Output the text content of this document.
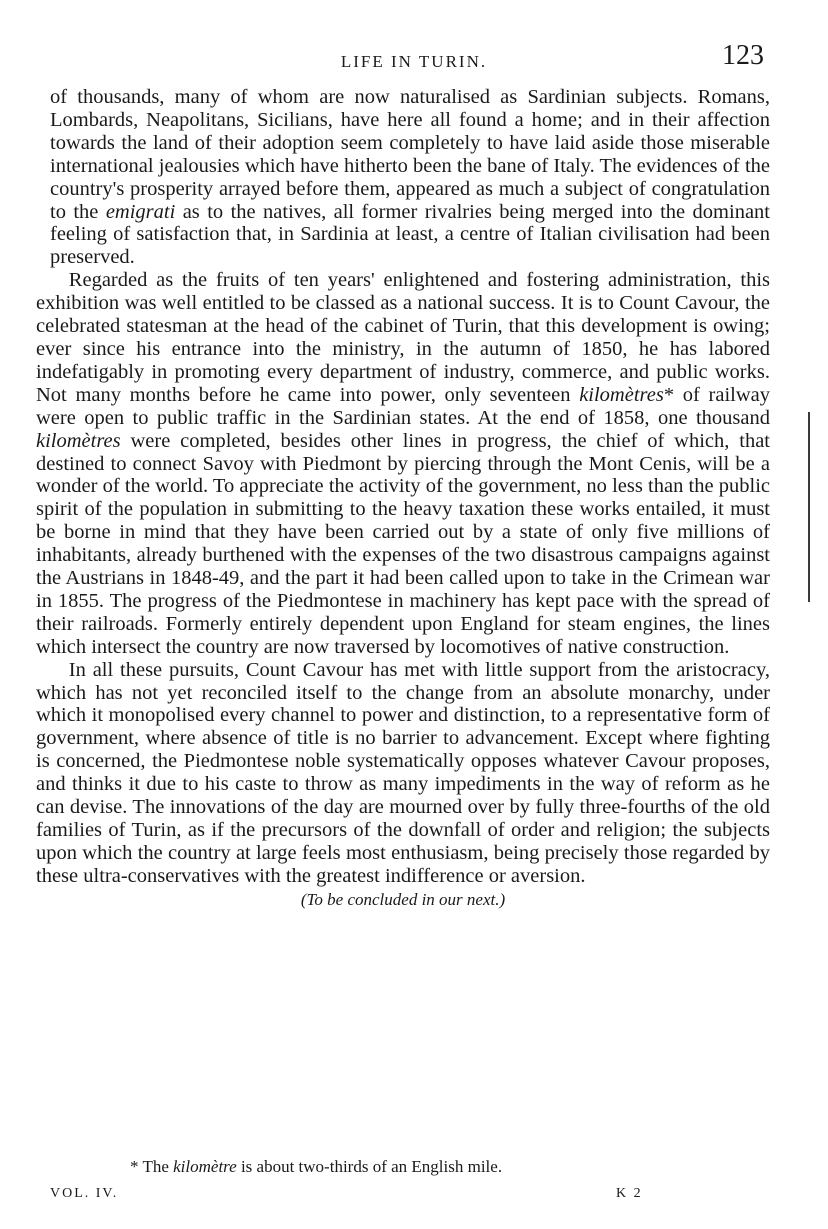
LIFE IN TURIN.	123

of thousands, many of whom are now naturalised as Sardinian subjects. Romans, Lombards, Neapolitans, Sicilians, have here all found a home; and in their affection towards the land of their adoption seem completely to have laid aside those miserable international jealousies which have hitherto been the bane of Italy. The evidences of the country's prosperity arrayed before them, appeared as much a subject of congratulation to the emigrati as to the natives, all former rivalries being merged into the dominant feeling of satisfaction that, in Sardinia at least, a centre of Italian civilisation had been preserved.

Regarded as the fruits of ten years' enlightened and fostering administration, this exhibition was well entitled to be classed as a national success. It is to Count Cavour, the celebrated statesman at the head of the cabinet of Turin, that this development is owing; ever since his entrance into the ministry, in the autumn of 1850, he has labored indefatigably in promoting every department of industry, commerce, and public works. Not many months before he came into power, only seventeen kilomètres* of railway were open to public traffic in the Sardinian states. At the end of 1858, one thousand kilomètres were completed, besides other lines in progress, the chief of which, that destined to connect Savoy with Piedmont by piercing through the Mont Cenis, will be a wonder of the world. To appreciate the activity of the government, no less than the public spirit of the population in submitting to the heavy taxation these works entailed, it must be borne in mind that they have been carried out by a state of only five millions of inhabitants, already burthened with the expenses of the two disastrous campaigns against the Austrians in 1848-49, and the part it had been called upon to take in the Crimean war in 1855. The progress of the Piedmontese in machinery has kept pace with the spread of their railroads. Formerly entirely dependent upon England for steam engines, the lines which intersect the country are now traversed by locomotives of native construction.

In all these pursuits, Count Cavour has met with little support from the aristocracy, which has not yet reconciled itself to the change from an absolute monarchy, under which it monopolised every channel to power and distinction, to a representative form of government, where absence of title is no barrier to advancement. Except where fighting is concerned, the Piedmontese noble systematically opposes whatever Cavour proposes, and thinks it due to his caste to throw as many impediments in the way of reform as he can devise. The innovations of the day are mourned over by fully three-fourths of the old families of Turin, as if the precursors of the downfall of order and religion; the subjects upon which the country at large feels most enthusiasm, being precisely those regarded by these ultra-conservatives with the greatest indifference or aversion.

(To be concluded in our next.)
* The kilomètre is about two-thirds of an English mile.
VOL. IV.	K 2
